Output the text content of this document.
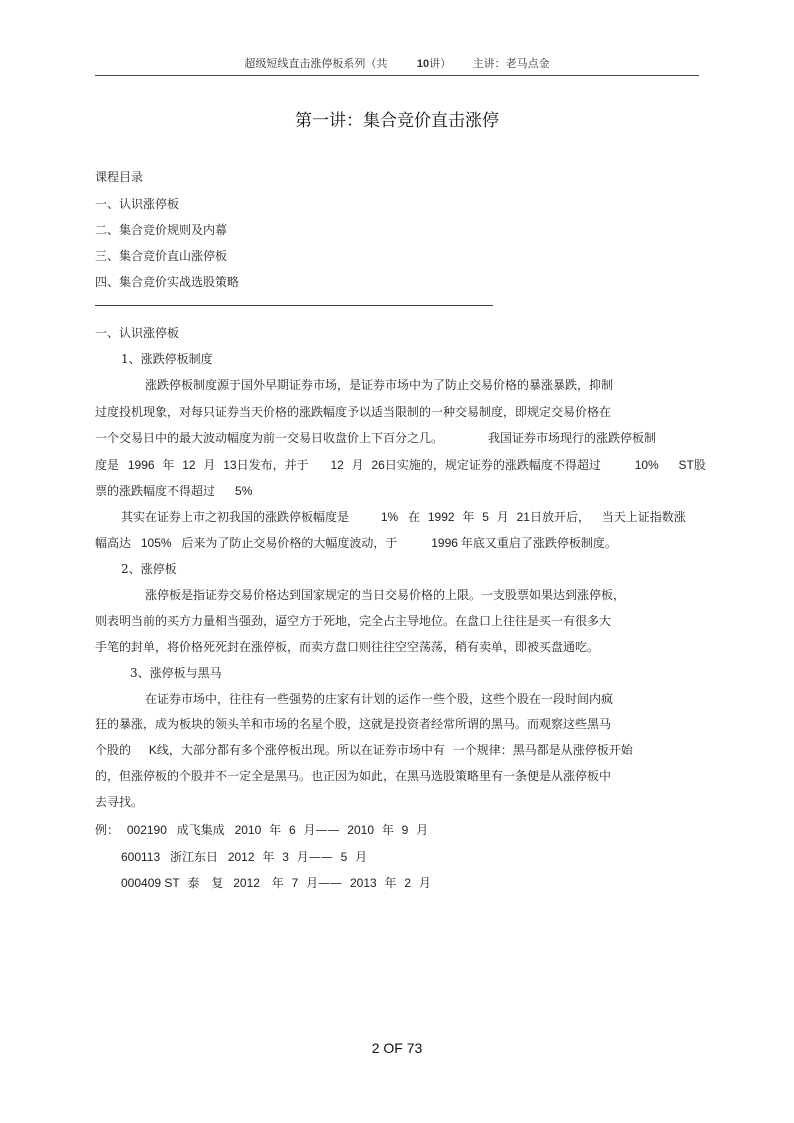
超级短线直击涨停板系列（共	10讲） 主讲：老马点金
第一讲：集合竞价直击涨停
课程目录
一、认识涨停板
二、集合竞价规则及内幕
三、集合竞价直山涨停板
四、集合竞价实战选股策略
一、认识涨停板
1、涨跌停板制度
涨跌停板制度源于国外早期证券市场，是证券市场中为了防止交易价格的暴涨暴跌，抑制
过度投机现象，对每只证券当天价格的涨跌幅度予以适当限制的一种交易制度，即规定交易价格在
一个交易日中的最大波动幅度为前一交易日收盘价上下百分之几。	我国证券市场现行的涨跌停板制
度是 1996 年 12 月 13日发布，并于 12 月 26日实施的，规定证券的涨跌幅度不得超过	10% ST股
票的涨跌幅度不得超过 5%
其实在证券上市之初我国的涨跌停板幅度是	1% 在 1992 年 5 月 21日放开后， 当天上证指数涨
幅高达 105% 后来为了防止交易价格的大幅度波动，于	1996 年底又重启了涨跌停板制度。
2、涨停板
涨停板是指证券交易价格达到国家规定的当日交易价格的上限。一支股票如果达到涨停板，
则表明当前的买方力量相当强劲，逼空方于死地，完全占主导地位。在盘口上往往是买一有很多大
手笔的封单，将价格死死封在涨停板，而卖方盘口则往往空空荡荡，稍有卖单，即被买盘通吃。
3、涨停板与黑马
在证券市场中，往往有一些强势的庄家有计划的运作一些个股，这些个股在一段时间内疯
狂的暴涨，成为板块的领头羊和市场的名星个股，这就是投资者经常所谓的黑马。而观察这些黑马
个股的 K线，大部分都有多个涨停板出现。所以在证券市场中有 一个规律：黑马都是从涨停板开始
的，但涨停板的个股并不一定全是黑马。也正因为如此，在黑马选股策略里有一条便是从涨停板中
去寻找。
例： 002190 成飞集成 2010 年 6 月—— 2010 年 9 月
600113 浙江东日 2012 年 3 月—— 5 月
000409 ST 泰 复 2012 年 7 月—— 2013 年 2 月
2 OF 73
